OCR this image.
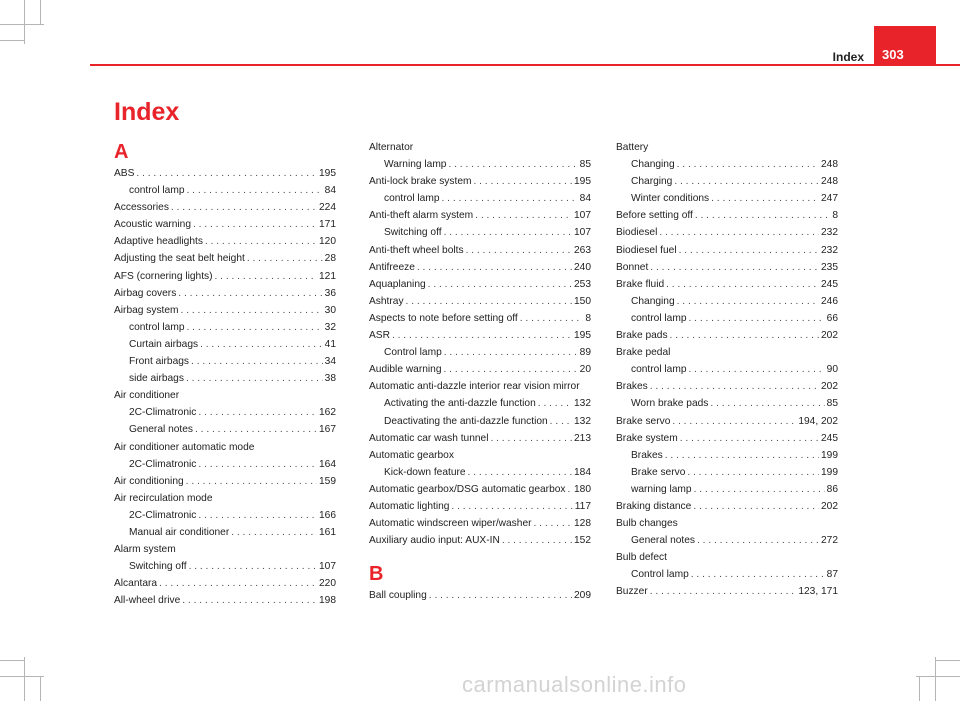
Index 303
Index
A
ABS . . .	195
control lamp . . .	84
Accessories . . .	224
Acoustic warning . . .	171
Adaptive headlights . . .	120
Adjusting the seat belt height . . .	28
AFS (cornering lights) . . .	121
Airbag covers . . .	36
Airbag system . . .	30
control lamp . . .	32
Curtain airbags . . .	41
Front airbags . . .	34
side airbags . . .	38
Air conditioner
2C-Climatronic . . .	162
General notes . . .	167
Air conditioner automatic mode
2C-Climatronic . . .	164
Air conditioning . . .	159
Air recirculation mode
2C-Climatronic . . .	166
Manual air conditioner . . .	161
Alarm system
Switching off . . .	107
Alcantara . . .	220
All-wheel drive . . .	198
Alternator
Warning lamp . . .	85
Anti-lock brake system . . .	195
control lamp . . .	84
Anti-theft alarm system . . .	107
Switching off . . .	107
Anti-theft wheel bolts . . .	263
Antifreeze . . .	240
Aquaplaning . . .	253
Ashtray . . .	150
Aspects to note before setting off . . .	8
ASR . . .	195
Control lamp . . .	89
Audible warning . . .	20
Automatic anti-dazzle interior rear vision mirror
Activating the anti-dazzle function . . .	132
Deactivating the anti-dazzle function . . .	132
Automatic car wash tunnel . . .	213
Automatic gearbox
Kick-down feature . . .	184
Automatic gearbox/DSG automatic gearbox . . . 180
Automatic lighting . . .	117
Automatic windscreen wiper/washer . . .	128
Auxiliary audio input: AUX-IN . . .	152
B
Ball coupling . . .	209
Battery
Changing . . .	248
Charging . . .	248
Winter conditions . . .	247
Before setting off . . .	8
Biodiesel . . .	232
Biodiesel fuel . . .	232
Bonnet . . .	235
Brake fluid . . .	245
Changing . . .	246
control lamp . . .	66
Brake pads . . .	202
Brake pedal
control lamp . . .	90
Brakes . . .	202
Worn brake pads . . .	85
Brake servo . . .	194, 202
Brake system . . .	245
Brakes . . .	199
Brake servo . . .	199
warning lamp . . .	86
Braking distance . . .	202
Bulb changes
General notes . . .	272
Bulb defect
Control lamp . . .	87
Buzzer . . .	123, 171
carmanualsonline.info
